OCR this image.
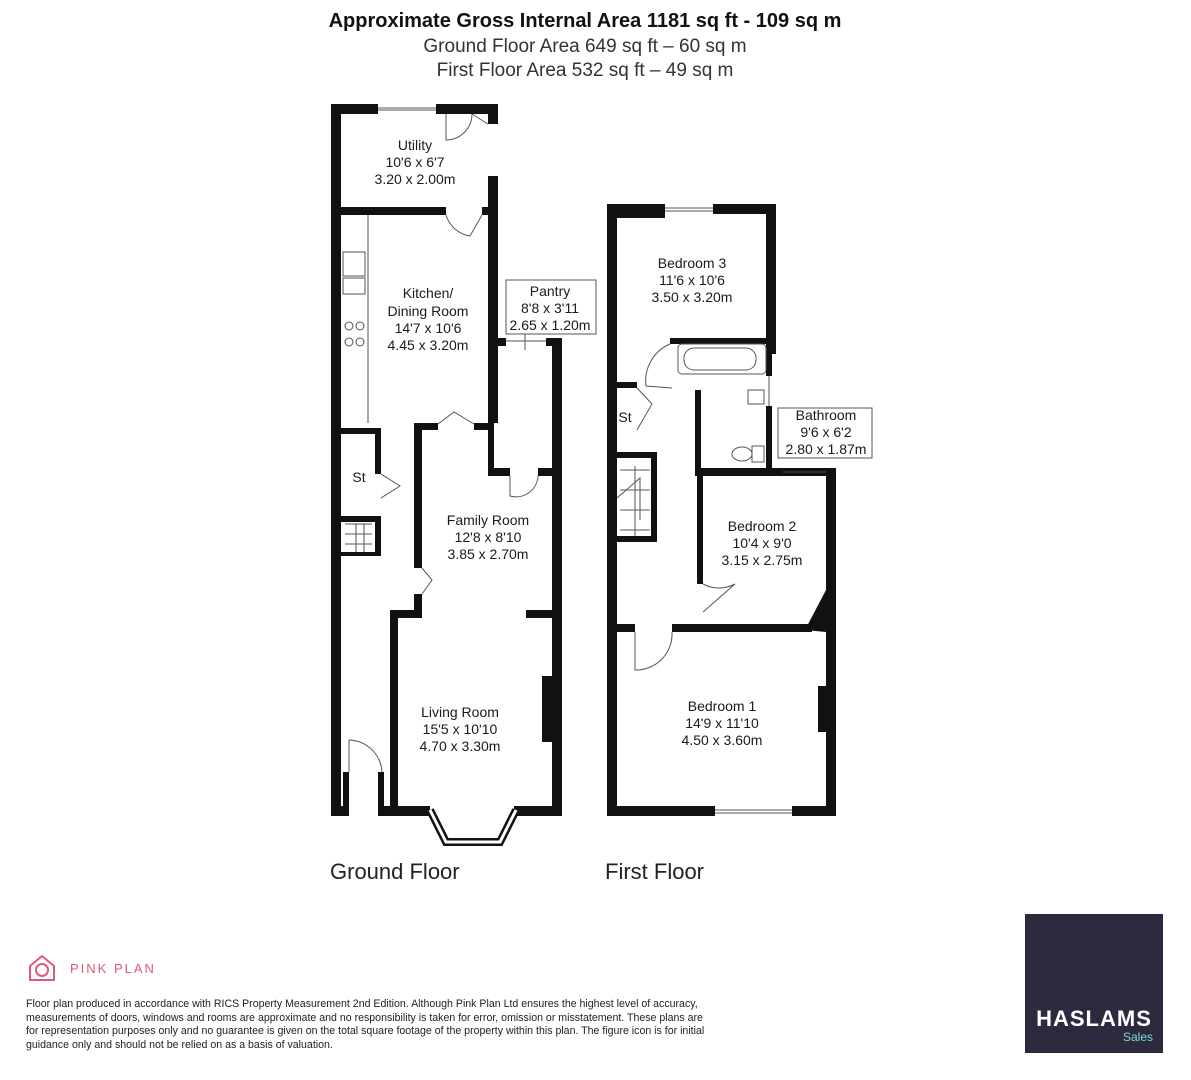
Approximate Gross Internal Area 1181 sq ft - 109 sq m
Ground Floor Area 649 sq ft – 60 sq m
First Floor Area 532 sq ft – 49 sq m
Utility
10'6 x 6'7
3.20 x 2.00m
Kitchen/
Dining Room
14'7 x 10'6
4.45 x 3.20m
Pantry
8'8 x 3'11
2.65 x 1.20m
St
Family Room
12'8 x 8'10
3.85 x 2.70m
Living Room
15'5 x 10'10
4.70 x 3.30m
Bedroom 3
11'6 x 10'6
3.50 x 3.20m
Bathroom
9'6 x 6'2
2.80 x 1.87m
St
Bedroom 2
10'4 x 9'0
3.15 x 2.75m
Bedroom 1
14'9 x 11'10
4.50 x 3.60m
Ground Floor	First Floor
PINK PLAN
Floor plan produced in accordance with RICS Property Measurement 2nd Edition. Although Pink Plan Ltd ensures the highest level of accuracy, measurements of doors, windows and rooms are approximate and no responsibility is taken for error, omission or misstatement. These plans are for representation purposes only and no guarantee is given on the total square footage of the property within this plan. The figure icon is for initial guidance only and should not be relied on as a basis of valuation.
HASLAMS
Sales
